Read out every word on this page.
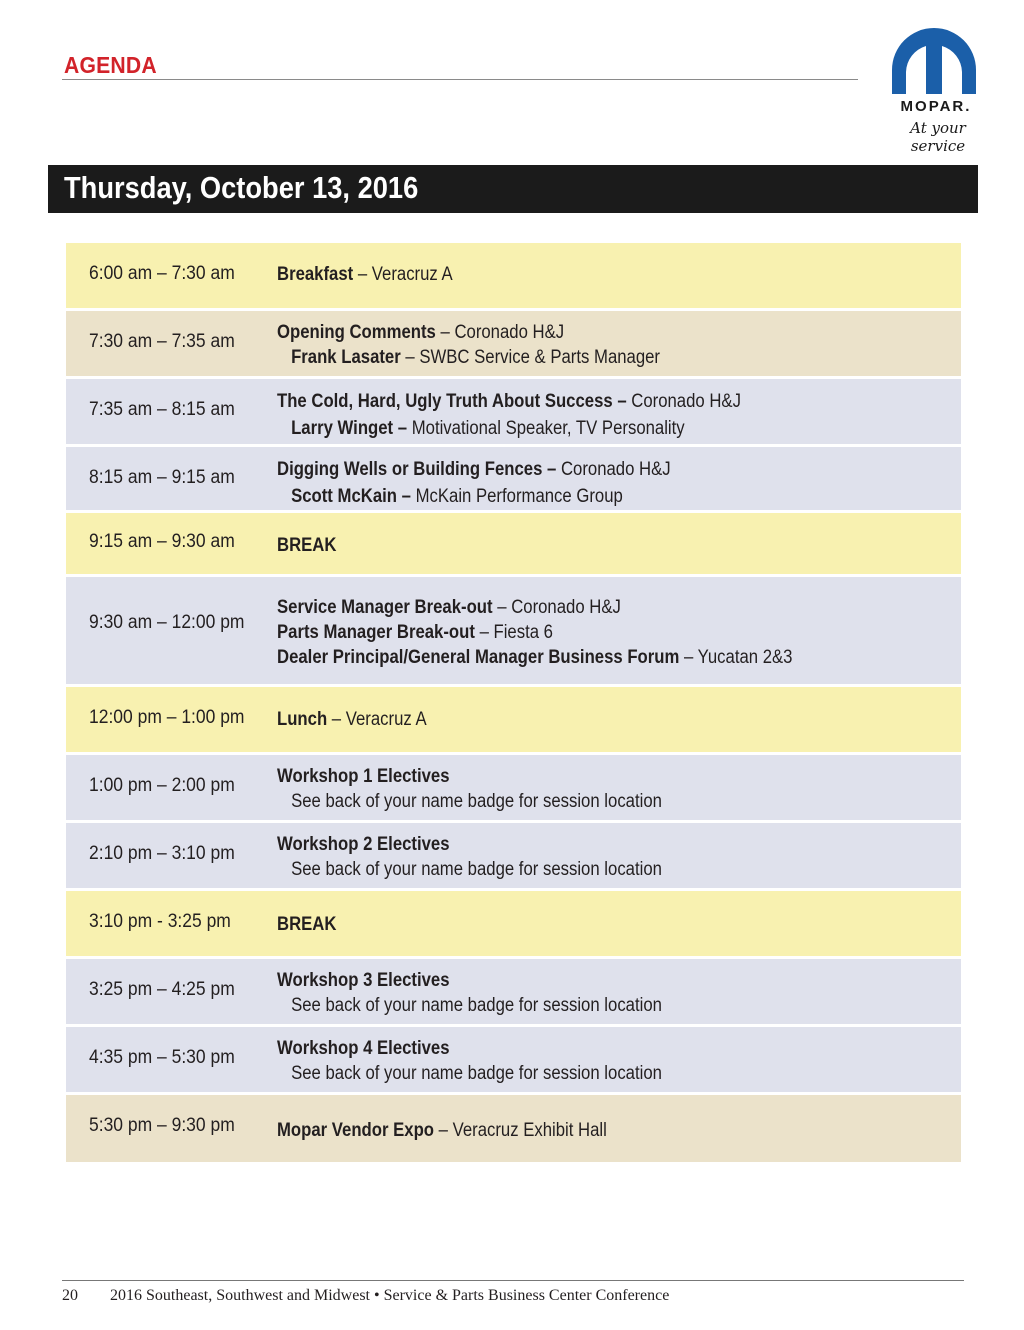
AGENDA
MOPAR.
At your service
Thursday, October 13, 2016
6:00 am – 7:30 am Breakfast – Veracruz A
7:30 am – 7:35 am Opening Comments – Coronado H&J
Frank Lasater – SWBC Service & Parts Manager
7:35 am – 8:15 am The Cold, Hard, Ugly Truth About Success – Coronado H&J
Larry Winget – Motivational Speaker, TV Personality
8:15 am – 9:15 am Digging Wells or Building Fences – Coronado H&J
Scott McKain – McKain Performance Group
9:15 am – 9:30 am BREAK
9:30 am – 12:00 pm
Service Manager Break-out – Coronado H&J
Parts Manager Break-out – Fiesta 6
Dealer Principal/General Manager Business Forum – Yucatan 2&3
12:00 pm – 1:00 pm Lunch – Veracruz A
1:00 pm – 2:00 pm Workshop 1 Electives
See back of your name badge for session location
2:10 pm – 3:10 pm Workshop 2 Electives
See back of your name badge for session location
3:10 pm - 3:25 pm BREAK
3:25 pm – 4:25 pm Workshop 3 Electives
See back of your name badge for session location
4:35 pm – 5:30 pm Workshop 4 Electives
See back of your name badge for session location
5:30 pm – 9:30 pm Mopar Vendor Expo – Veracruz Exhibit Hall
20 2016 Southeast, Southwest and Midwest • Service & Parts Business Center Conference
